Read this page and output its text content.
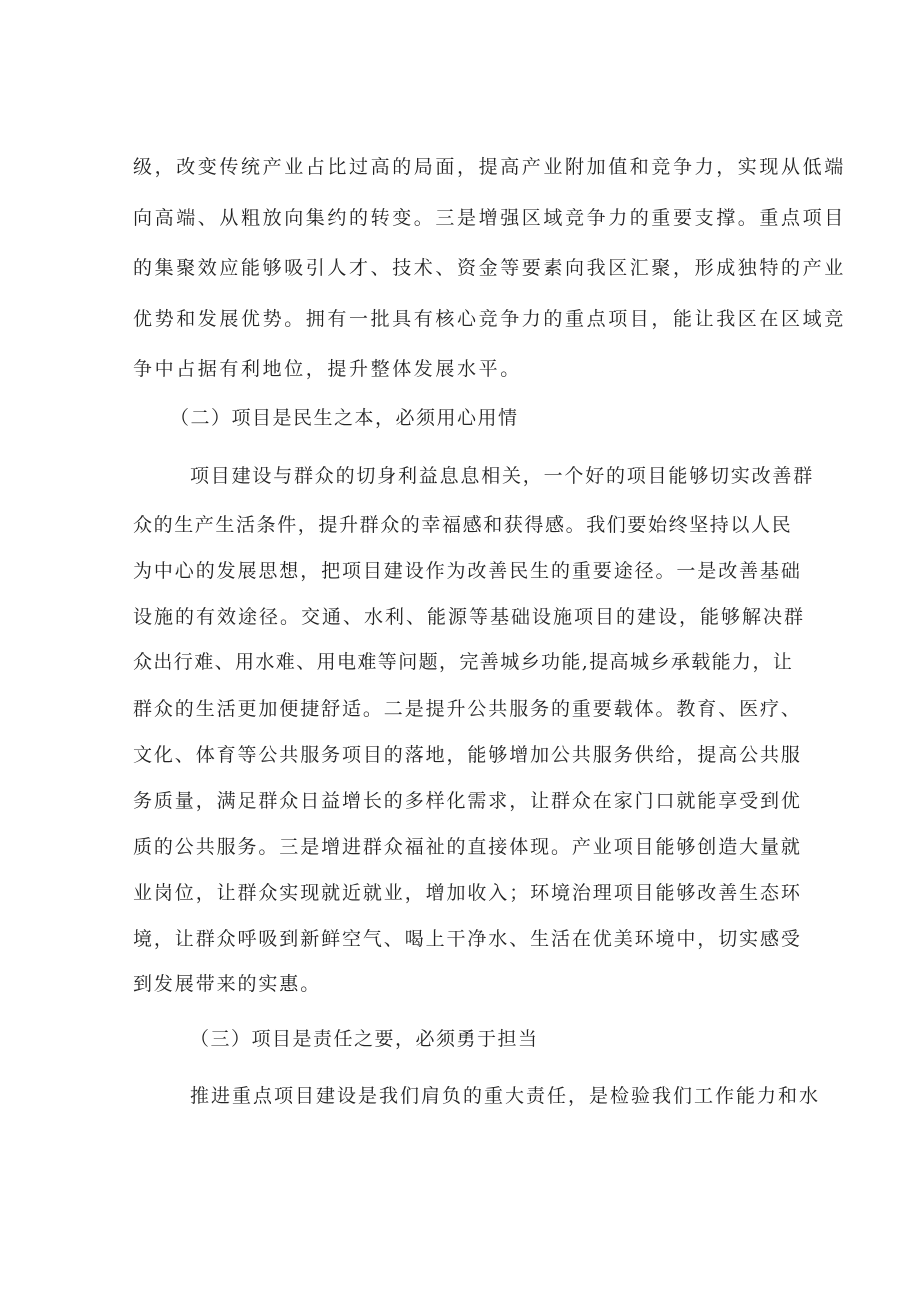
级，改变传统产业占比过高的局面，提高产业附加值和竞争力，实现从低端
向高端、从粗放向集约的转变。三是增强区域竞争力的重要支撑。重点项目
的集聚效应能够吸引人才、技术、资金等要素向我区汇聚，形成独特的产业
优势和发展优势。拥有一批具有核心竞争力的重点项目，能让我区在区域竞
争中占据有利地位，提升整体发展水平。
（二）项目是民生之本，必须用心用情
项目建设与群众的切身利益息息相关，一个好的项目能够切实改善群
众的生产生活条件，提升群众的幸福感和获得感。我们要始终坚持以人民
为中心的发展思想，把项目建设作为改善民生的重要途径。一是改善基础
设施的有效途径。交通、水利、能源等基础设施项目的建设，能够解决群
众出行难、用水难、用电难等问题，完善城乡功能,提高城乡承载能力，让
群众的生活更加便捷舒适。二是提升公共服务的重要载体。教育、医疗、
文化、体育等公共服务项目的落地，能够增加公共服务供给，提高公共服
务质量，满足群众日益增长的多样化需求，让群众在家门口就能享受到优
质的公共服务。三是增进群众福祉的直接体现。产业项目能够创造大量就
业岗位，让群众实现就近就业，增加收入；环境治理项目能够改善生态环
境，让群众呼吸到新鲜空气、喝上干净水、生活在优美环境中，切实感受
到发展带来的实惠。
（三）项目是责任之要，必须勇于担当
推进重点项目建设是我们肩负的重大责任，是检验我们工作能力和水
